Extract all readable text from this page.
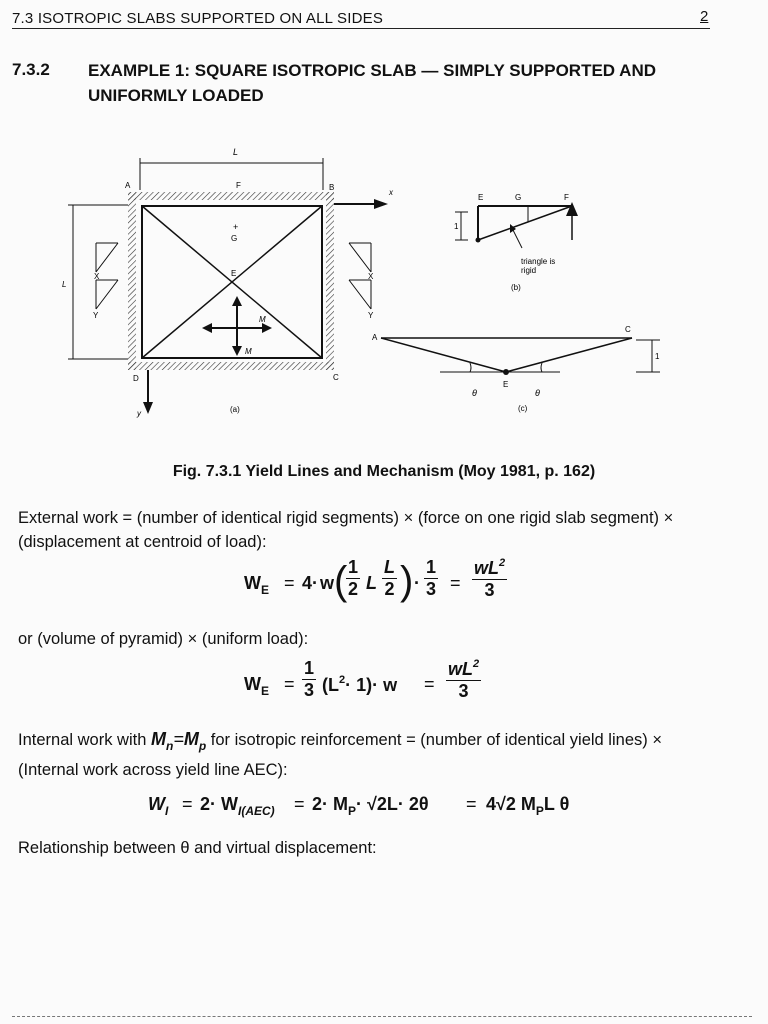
7.3 ISOTROPIC SLABS SUPPORTED ON ALL SIDES	2
7.3.2 EXAMPLE 1: SQUARE ISOTROPIC SLAB — SIMPLY SUPPORTED AND UNIFORMLY LOADED
L
A	F	B
D	C
x
+
G
E
M
M
L
X
Y
X
Y
y	(a)
1
E	G	F
triangle is
rigid
(b)
1
A
C
E
θ	θ
(c)
Fig. 7.3.1 Yield Lines and Mechanism (Moy 1981, p. 162)
External work = (number of identical rigid segments) × (force on one rigid slab segment) × (displacement at centroid of load):
$W_E = 4\cdot w$ ( 1
2 L
L
2 ) ·
1
3 =
$wL^2$
3
or (volume of pyramid) × (uniform load):
$W_E$ =
1
3 $(L^2\cdot 1)\cdot w$ =
$wL^2$
3
Internal work with $M_n=M_p$ for isotropic reinforcement = (number of identical yield lines) × (Internal work across yield line AEC):
$W_I = 2\cdot W_{I(AEC)} = 2\cdot M_P\cdot √2L\cdot 2\theta = 4√2$ $M_PL$ θ
Relationship between θ and virtual displacement:
